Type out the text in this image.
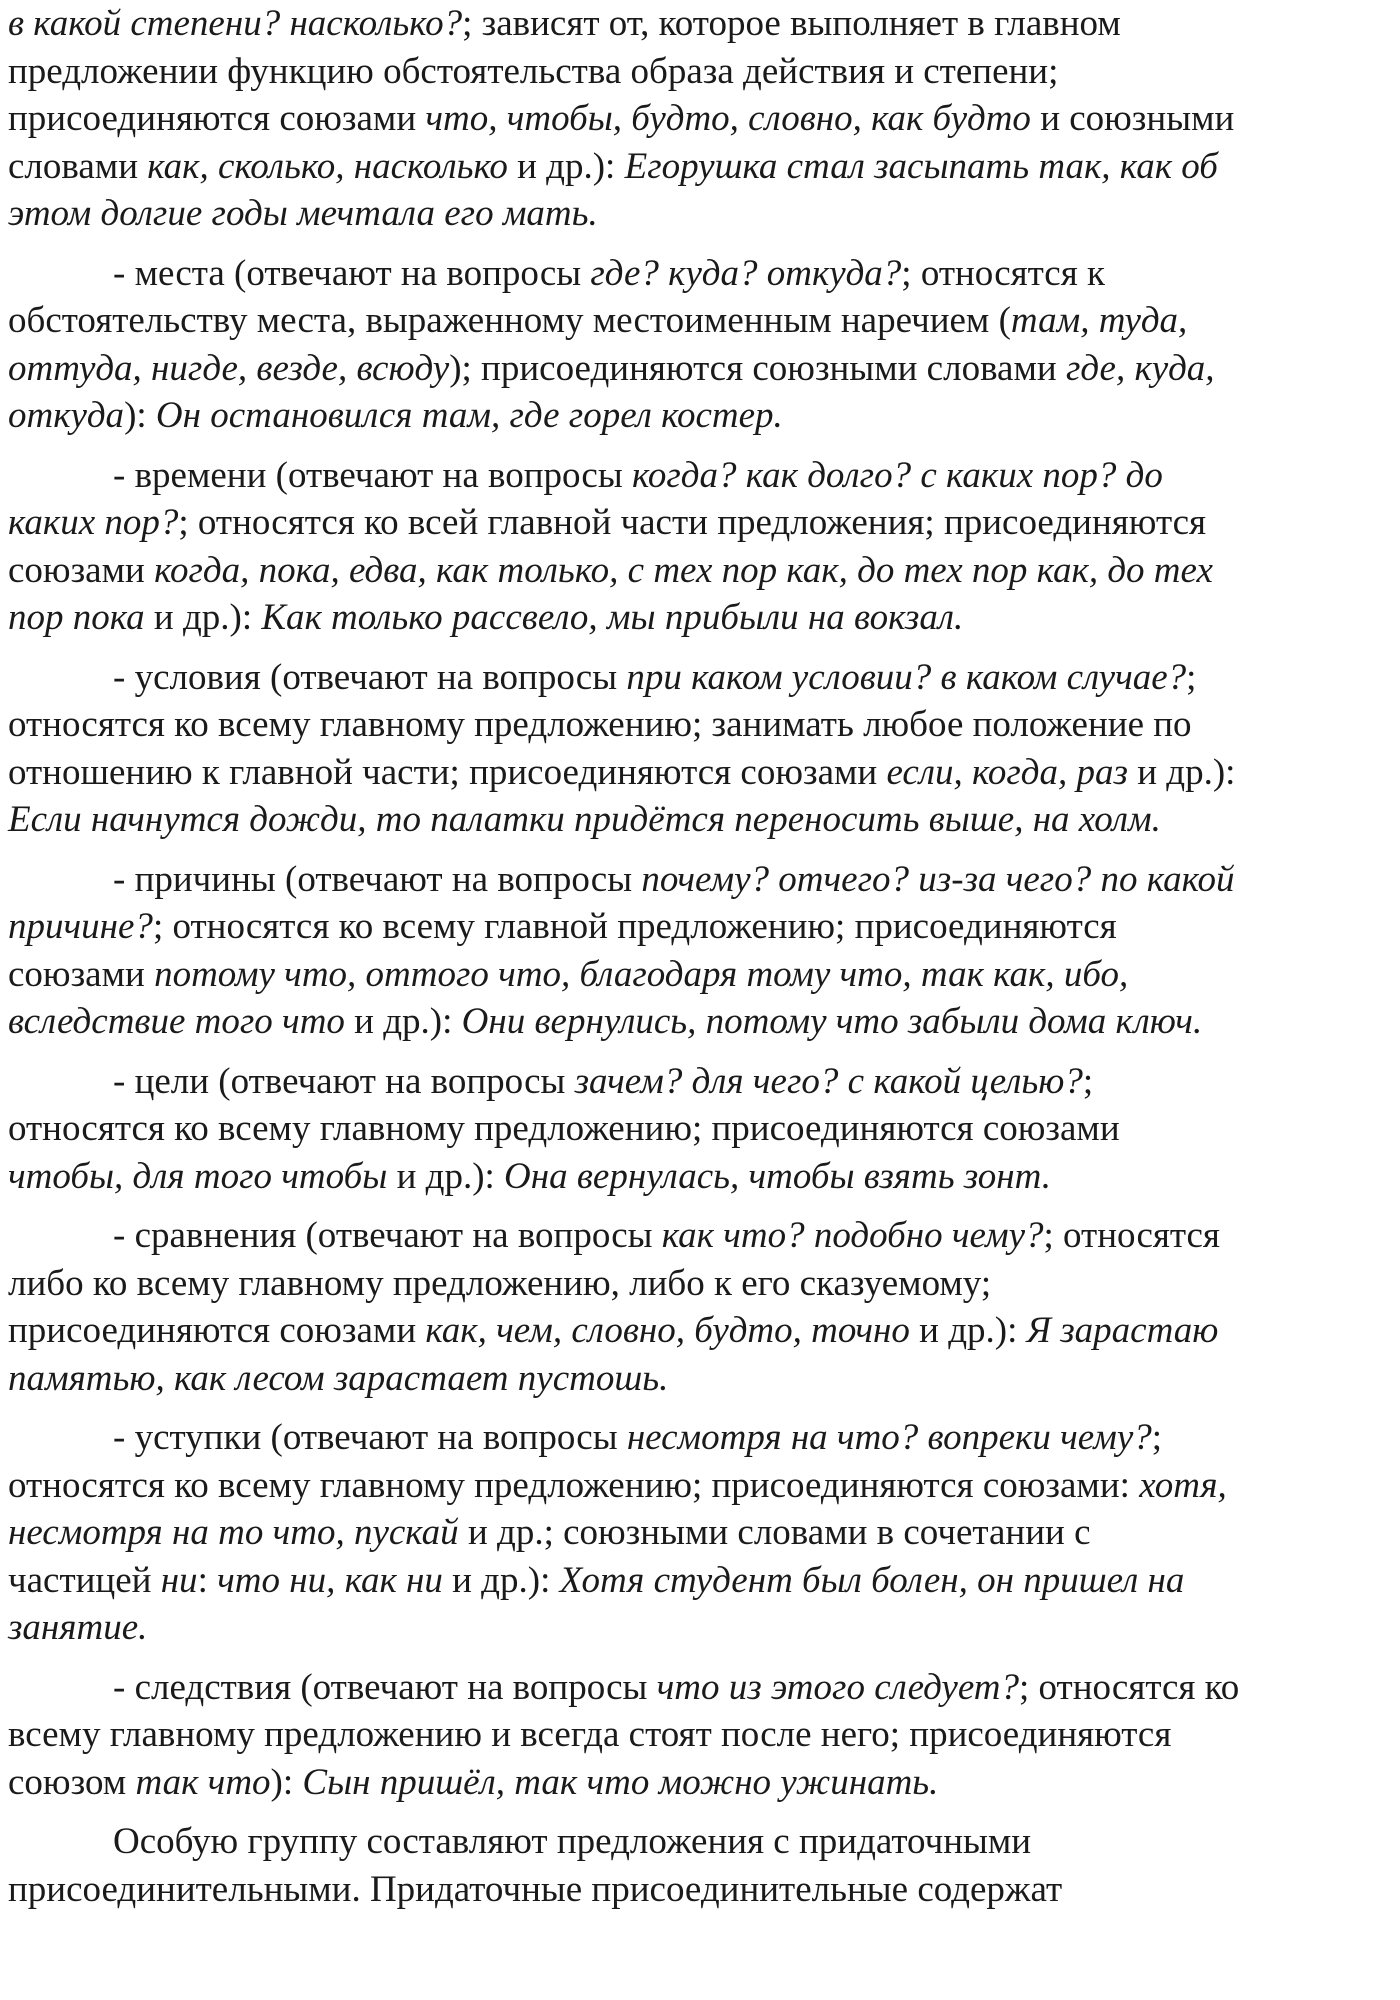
в какой степени? насколько?; зависят от, которое выполняет в главном
предложении функцию обстоятельства образа действия и степени;
присоединяются союзами что, чтобы, будто, словно, как будто и союзными
словами как, сколько, насколько и др.): Егорушка стал засыпать так, как об
этом долгие годы мечтала его мать.

- места (отвечают на вопросы где? куда? откуда?; относятся к
обстоятельству места, выраженному местоименным наречием (там, туда,
оттуда, нигде, везде, всюду); присоединяются союзными словами где, куда,
откуда): Он остановился там, где горел костер.

- времени (отвечают на вопросы когда? как долго? с каких пор? до
каких пор?; относятся ко всей главной части предложения; присоединяются
союзами когда, пока, едва, как только, с тех пор как, до тех пор как, до тех
пор пока и др.): Как только рассвело, мы прибыли на вокзал.

- условия (отвечают на вопросы при каком условии? в каком случае?;
относятся ко всему главному предложению; занимать любое положение по
отношению к главной части; присоединяются союзами если, когда, раз и др.):
Если начнутся дожди, то палатки придётся переносить выше, на холм.

- причины (отвечают на вопросы почему? отчего? из-за чего? по какой
причине?; относятся ко всему главной предложению; присоединяются
союзами потому что, оттого что, благодаря тому что, так как, ибо,
вследствие того что и др.): Они вернулись, потому что забыли дома ключ.

- цели (отвечают на вопросы зачем? для чего? с какой целью?;
относятся ко всему главному предложению; присоединяются союзами
чтобы, для того чтобы и др.): Она вернулась, чтобы взять зонт.

- сравнения (отвечают на вопросы как что? подобно чему?; относятся
либо ко всему главному предложению, либо к его сказуемому;
присоединяются союзами как, чем, словно, будто, точно и др.): Я зарастаю
памятью, как лесом зарастает пустошь.

- уступки (отвечают на вопросы несмотря на что? вопреки чему?;
относятся ко всему главному предложению; присоединяются союзами: хотя,
несмотря на то что, пускай и др.; союзными словами в сочетании с
частицей ни: что ни, как ни и др.): Хотя студент был болен, он пришел на
занятие.

- следствия (отвечают на вопросы что из этого следует?; относятся ко
всему главному предложению и всегда стоят после него; присоединяются
союзом так что): Сын пришёл, так что можно ужинать.

Особую группу составляют предложения с придаточными
присоединительными. Придаточные присоединительные содержат
